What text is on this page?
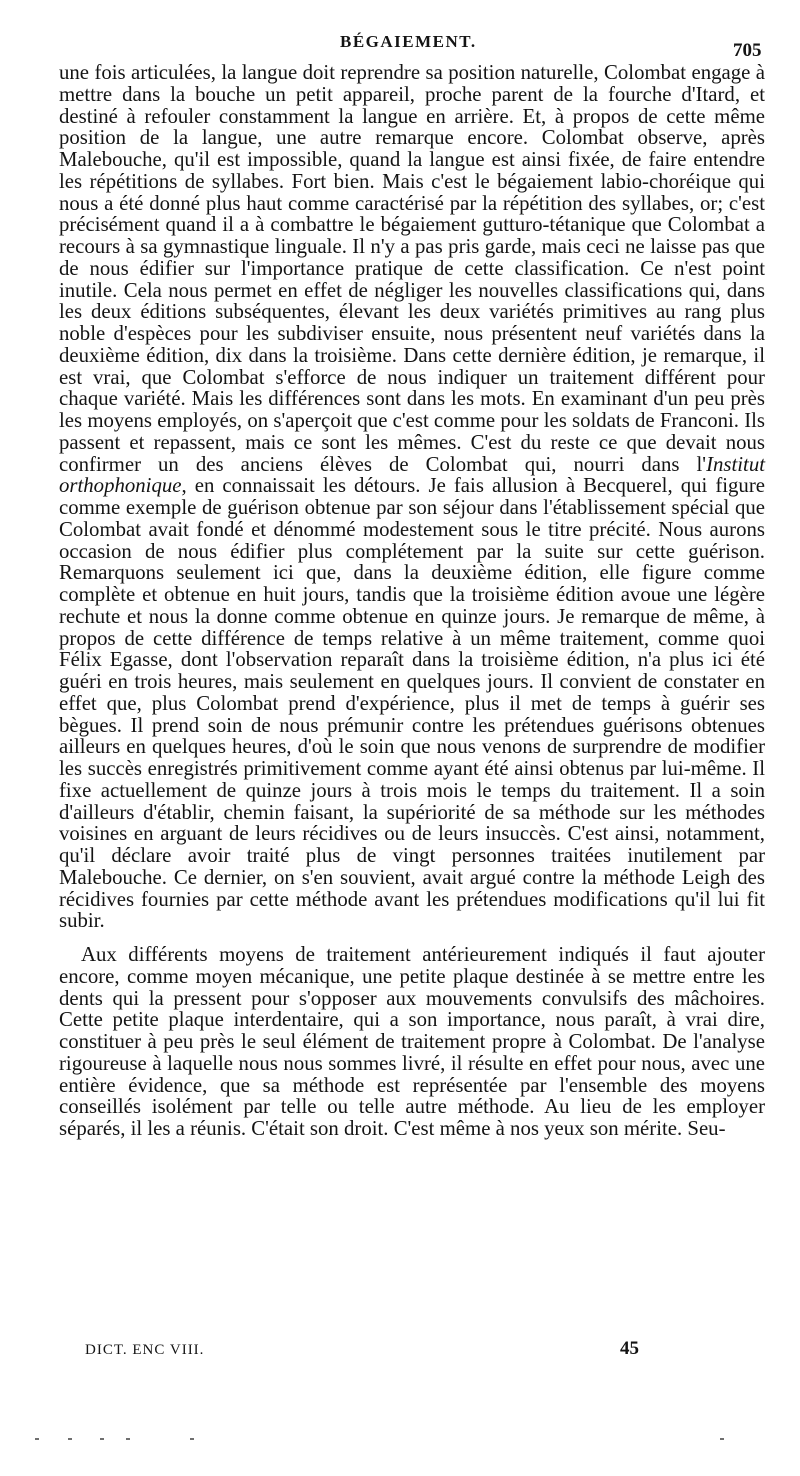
BÉGAIEMENT.	705

une fois articulées, la langue doit reprendre sa position naturelle, Colombat engage à mettre dans la bouche un petit appareil, proche parent de la fourche d'Itard, et destiné à refouler constamment la langue en arrière. Et, à propos de cette même position de la langue, une autre remarque encore. Colombat observe, après Malebouche, qu'il est impossible, quand la langue est ainsi fixée, de faire entendre les répétitions de syllabes. Fort bien. Mais c'est le bégaiement labio-choréique qui nous a été donné plus haut comme caractérisé par la répétition des syllabes, or; c'est précisément quand il a à combattre le bégaiement gutturo-tétanique que Colombat a recours à sa gymnastique linguale. Il n'y a pas pris garde, mais ceci ne laisse pas que de nous édifier sur l'importance pratique de cette classification. Ce n'est point inutile. Cela nous permet en effet de négliger les nouvelles classifications qui, dans les deux éditions subséquentes, élevant les deux variétés primitives au rang plus noble d'espèces pour les subdiviser ensuite, nous présentent neuf variétés dans la deuxième édition, dix dans la troisième. Dans cette dernière édition, je remarque, il est vrai, que Colombat s'efforce de nous indiquer un traitement différent pour chaque variété. Mais les différences sont dans les mots. En examinant d'un peu près les moyens employés, on s'aperçoit que c'est comme pour les soldats de Franconi. Ils passent et repassent, mais ce sont les mêmes. C'est du reste ce que devait nous confirmer un des anciens élèves de Colombat qui, nourri dans l'Institut orthophonique, en connaissait les détours. Je fais allusion à Becquerel, qui figure comme exemple de guérison obtenue par son séjour dans l'établissement spécial que Colombat avait fondé et dénommé modestement sous le titre précité. Nous aurons occasion de nous édifier plus complétement par la suite sur cette guérison. Remarquons seulement ici que, dans la deuxième édition, elle figure comme complète et obtenue en huit jours, tandis que la troisième édition avoue une légère rechute et nous la donne comme obtenue en quinze jours. Je remarque de même, à propos de cette différence de temps relative à un même traitement, comme quoi Félix Egasse, dont l'observation reparaît dans la troisième édition, n'a plus ici été guéri en trois heures, mais seulement en quelques jours. Il convient de constater en effet que, plus Colombat prend d'expérience, plus il met de temps à guérir ses bègues. Il prend soin de nous prémunir contre les prétendues guérisons obtenues ailleurs en quelques heures, d'où le soin que nous venons de surprendre de modifier les succès enregistrés primitivement comme ayant été ainsi obtenus par lui-même. Il fixe actuellement de quinze jours à trois mois le temps du traitement. Il a soin d'ailleurs d'établir, chemin faisant, la supériorité de sa méthode sur les méthodes voisines en arguant de leurs récidives ou de leurs insuccès. C'est ainsi, notamment, qu'il déclare avoir traité plus de vingt personnes traitées inutilement par Malebouche. Ce dernier, on s'en souvient, avait argué contre la méthode Leigh des récidives fournies par cette méthode avant les prétendues modifications qu'il lui fit subir.

Aux différents moyens de traitement antérieurement indiqués il faut ajouter encore, comme moyen mécanique, une petite plaque destinée à se mettre entre les dents qui la pressent pour s'opposer aux mouvements convulsifs des mâchoires. Cette petite plaque interdentaire, qui a son importance, nous paraît, à vrai dire, constituer à peu près le seul élément de traitement propre à Colombat. De l'analyse rigoureuse à laquelle nous nous sommes livré, il résulte en effet pour nous, avec une entière évidence, que sa méthode est représentée par l'ensemble des moyens conseillés isolément par telle ou telle autre méthode. Au lieu de les employer séparés, il les a réunis. C'était son droit. C'est même à nos yeux son mérite. Seu-

DICT. ENC VIII.	45
